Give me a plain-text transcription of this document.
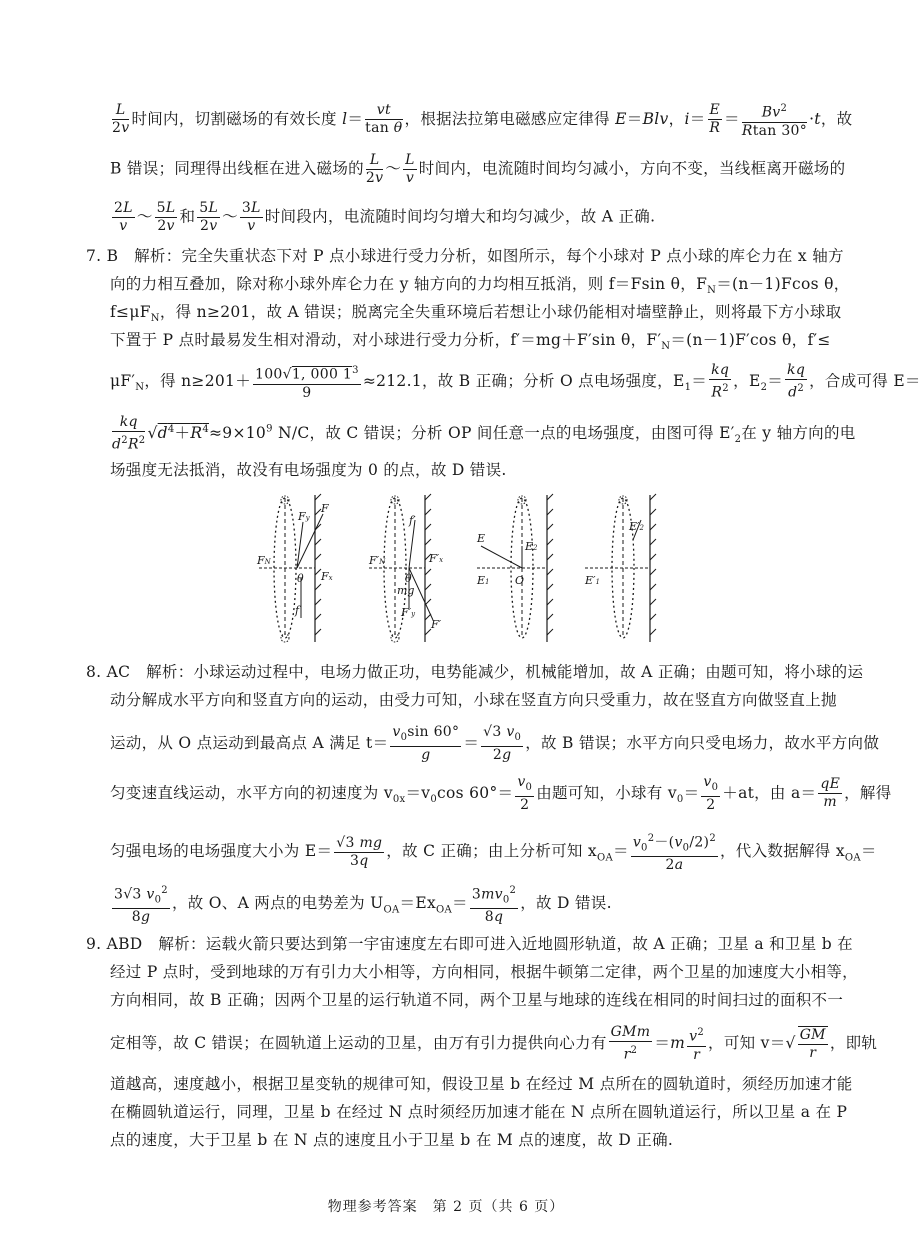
$\frac{L}{2v}$ 时间内，切割磁场的有效长度 $l= \frac{vt}{\text{tan θ}}$ ，根据法拉第电磁感应定律得 E＝Blv，$i= \frac{E}{R} = \frac{Bv^2}{Rtan 30^\circ} \cdot t$，故
B 错误；同理得出线框在进入磁场的 $\frac{L}{2v}$ ～ $\frac{L}{v}$ 时间内，电流随时间均匀减小，方向不变，当线框离开磁场的
$\frac{2L}{v}$ ～ $\frac{5L}{2v}$ 和 $\frac{5L}{2v}$ ～ $\frac{3L}{v}$ 时间段内，电流随时间均匀增大和均匀减少，故 A 正确.
7. B　 解析：完全失重状态下对 P 点小球进行受力分析，如图所示，每个小球对 P 点小球的库仑力在 x 轴方
向的力相互叠加，除对称小球外库仑力在 y 轴方向的力均相互抵消，则 f＝Fsin θ，$F_N=(n-1)Fcos$ θ，
$f\le\mu F_N$，得 n≥201，故 A 错误；脱离完全失重环境后若想让小球仍能相对墙壁静止，则将最下方小球取
下置于 P 点时最易发生相对滑动，对小球进行受力分析，f′＝mg＋F′sin θ，$F'_N=(n-1)F'\cos$ θ，f′≤
$\mu F'_N$，得 $n\ge 201+ \frac{100√1, 000 1^3}{9} \approx 212.1$，故 B 正确；分析 O 点电场强度，$E_1= \frac{kq}{R^2}$ ，$E_2= \frac{kq}{d^2}$ ，合成可得 E＝
$\frac{kq}{d^2R^2} √d^4+R^4\approx 9\times 10^9$ N/C，故 C 错误；分析 OP 间任意一点的电场强度，由图可得 $E'_2$在 y 轴方向的电
场强度无法抵消，故没有电场强度为 0 的点，故 D 错误.
F
Fy
FN
Fx
θ
f
f′
F′N	F′x
θ
mg
F′y
F′
E
E2
E1 O
E′2
E′1
8. AC　 解析：小球运动过程中，电场力做正功，电势能减少，机械能增加，故 A 正确；由题可知，将小球的运
动分解成水平方向和竖直方向的运动，由受力可知，小球在竖直方向只受重力，故在竖直方向做竖直上抛
运动，从 O 点运动到最高点 A 满足 $t= \frac{v_0\sin 60^\circ}{g} = \frac{√3 v_0}{2g}$ ，故 B 错误；水平方向只受电场力，故水平方向做
匀变速直线运动，水平方向的初速度为 $v_{0x}=v_0\cos$ $60^\circ= \frac{v_0}{2}$ 由题可知，小球有 $v_0= \frac{v_0}{2} +at$，由 $a= \frac{qE}{m}$ ，解得
匀强电场的电场强度大小为 $E= \frac{√3 mg}{3q}$ ，故 C 正确；由上分析可知 $x_{OA}= \frac{v_0^2-(v_0/2)^2}{2a}$ ，代入数据解得 $x_{OA}=$
$\frac{3√3 v_0^2}{8g}$ ，故 O、A 两点的电势差为 $U_{OA}=Ex_{OA}= \frac{3mv_0^2}{8q}$ ，故 D 错误.
9. ABD　 解析：运载火箭只要达到第一宇宙速度左右即可进入近地圆形轨道，故 A 正确；卫星 a 和卫星 b 在
经过 P 点时，受到地球的万有引力大小相等，方向相同，根据牛顿第二定律，两个卫星的加速度大小相等，
方向相同，故 B 正确；因两个卫星的运行轨道不同，两个卫星与地球的连线在相同的时间扫过的面积不一
定相等，故 C 错误；在圆轨道上运动的卫星，由万有引力提供向心力有 $\frac{\text{GMm}}{r^2} =m \frac{v^2}{r}$ ，可知 $v=√ \frac{GM}{r}$ ，即轨
道越高，速度越小，根据卫星变轨的规律可知，假设卫星 b 在经过 M 点所在的圆轨道时，须经历加速才能
在椭圆轨道运行，同理，卫星 b 在经过 N 点时须经历加速才能在 N 点所在圆轨道运行，所以卫星 a 在 P
点的速度，大于卫星 b 在 N 点的速度且小于卫星 b 在 M 点的速度，故 D 正确.
物理参考答案　第 2 页（共 6 页）
